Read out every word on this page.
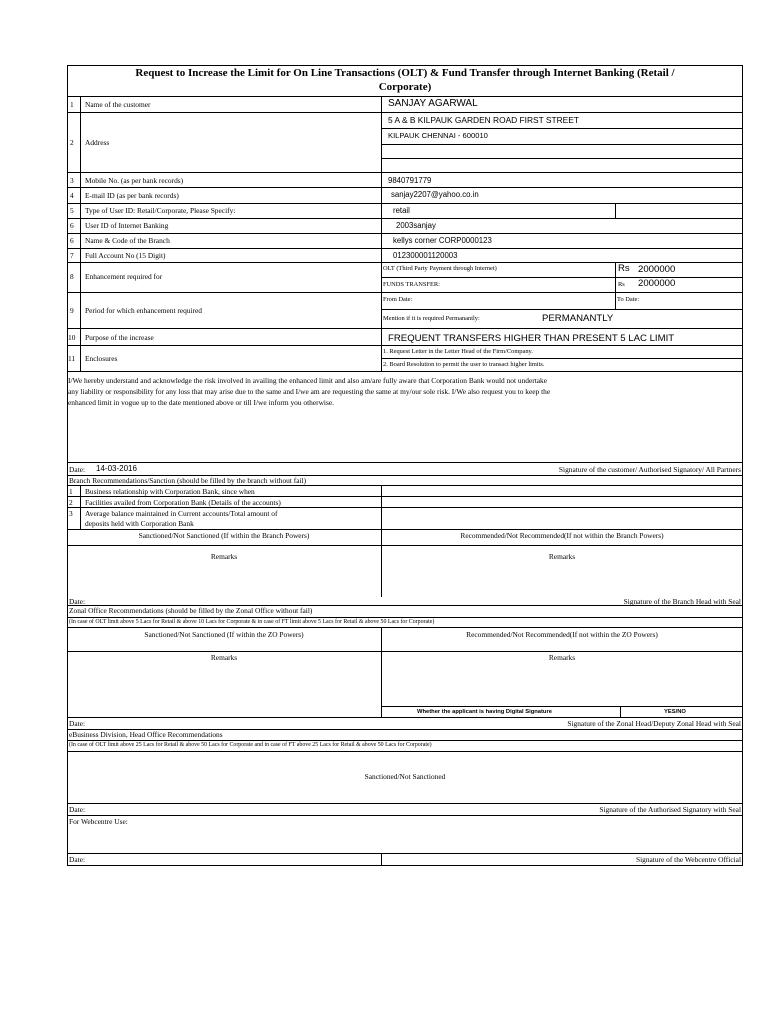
Request to Increase the Limit for On Line Transactions (OLT) & Fund Transfer through Internet Banking (Retail /
Corporate)
1 Name of the customer	SANJAY AGARWAL
2 Address
5 A & B KILPAUK GARDEN ROAD FIRST STREET
KILPAUK CHENNAI - 600010
3 Mobile No. (as per bank records)	9840791779
4 E-mail ID (as per bank records)	sanjay2207@yahoo.co.in
5 Type of User ID: Retail/Corporate, Please Specify:	retail
6 User ID of Internet Banking	2003sanjay
6 Name & Code of the Branch	kellys corner CORP0000123
7 Full Account No (15 Digit)	012300001120003
8 Enhancement required for
OLT (Third Party Payment through Internet)	Rs 2000000
FUNDS TRANSFER:	Rs 2000000
9 Period for which enhancement required
From Date:	To Date:
Mention if it is required Permanantly:	PERMANANTLY
10 Purpose of the increase	FREQUENT TRANSFERS HIGHER THAN PRESENT 5 LAC LIMIT
11 Enclosures
1. Request Letter in the Letter Head of the Firm/Company.
2. Board Resolution to permit the user to transact higher limits.
I/We hereby understand and acknowledge the risk involved in availing the enhanced limit and also am/are fully aware that Corporation Bank would not undertake
any liability or responsibility for any loss that may arise due to the same and I/we am are requesting the same at my/our sole risk. I/We also request you to keep the
enhanced limit in vogue up to the date mentioned above or till I/we inform you otherwise.
Date: 14-03-2016	Signature of the customer/ Authorised Signatory/ All Partners
Branch Recommendations/Sanction (should be filled by the branch without fail)
1 Business relationship with Corporation Bank, since when
2 Facilities availed from Corporation Bank (Details of the accounts)
3 Average balance maintained in Current accounts/Total amount of
deposits held with Corporation Bank
Sanctioned/Not Sanctioned (If within the Branch Powers)	Recommended/Not Recommended(If not within the Branch Powers)
Remarks	Remarks
Date:	Signature of the Branch Head with Seal
Zonal Office Recommendations (should be filled by the Zonal Office without fail)
(In case of OLT limit above 5 Lacs for Retail & above 10 Lacs for Corporate & in case of FT limit above 5 Lacs for Retail & above 50 Lacs for Corporate)
Sanctioned/Not Sanctioned (If within the ZO Powers)	Recommended/Not Recommended(If not within the ZO Powers)
Remarks	Remarks
Whether the applicant is having Digital Signature	YES/NO
Date:	Signature of the Zonal Head/Deputy Zonal Head with Seal
eBusiness Division, Head Office Recommendations
(In case of OLT limit above 25 Lacs for Retail & above 50 Lacs for Corporate and in case of FT above 25 Lacs for Retail & above 50 Lacs for Corporate)
Sanctioned/Not Sanctioned
Date:	Signature of the Authorised Signatory with Seal
For Webcentre Use:
Date:	Signature of the Webcentre Official
